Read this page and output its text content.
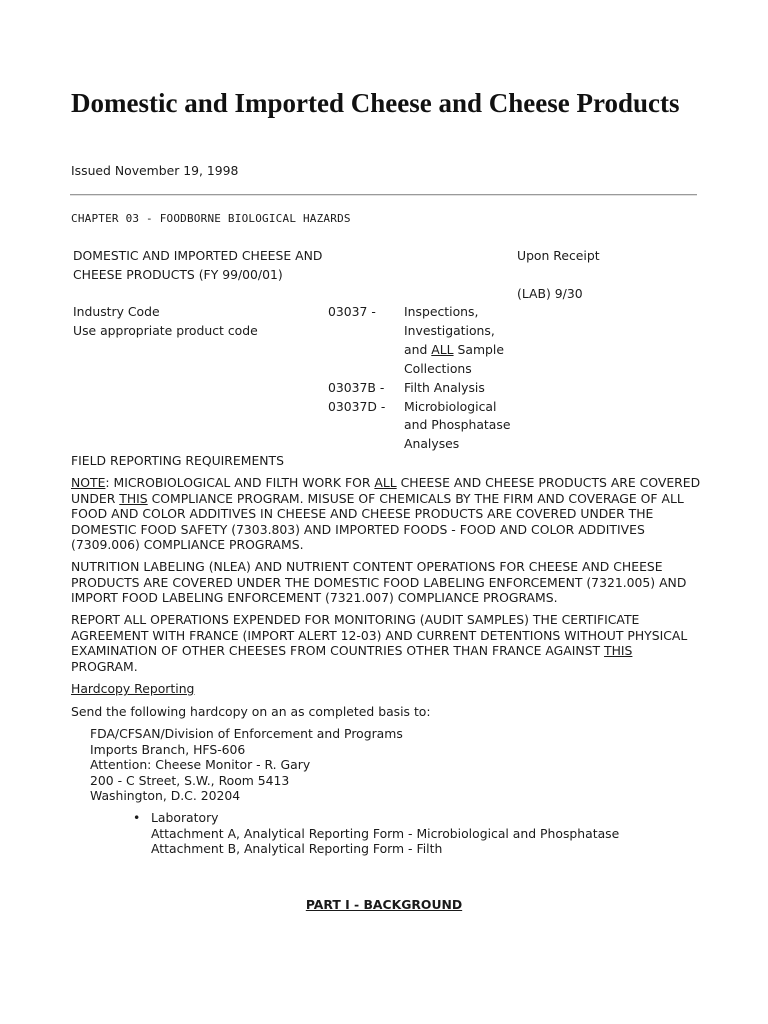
Domestic and Imported Cheese and Cheese Products
Issued November 19, 1998
CHAPTER 03 - FOODBORNE BIOLOGICAL HAZARDS
DOMESTIC AND IMPORTED CHEESE AND
CHEESE PRODUCTS (FY 99/00/01)
Upon Receipt
(LAB) 9/30
Industry Code
Use appropriate product code
03037 - Inspections,
Investigations,
and ALL Sample
Collections
03037B - Filth Analysis
03037D - Microbiological
and Phosphatase
Analyses
FIELD REPORTING REQUIREMENTS
NOTE: MICROBIOLOGICAL AND FILTH WORK FOR ALL CHEESE AND CHEESE PRODUCTS ARE COVERED UNDER THIS COMPLIANCE PROGRAM. MISUSE OF CHEMICALS BY THE FIRM AND COVERAGE OF ALL FOOD AND COLOR ADDITIVES IN CHEESE AND CHEESE PRODUCTS ARE COVERED UNDER THE DOMESTIC FOOD SAFETY (7303.803) AND IMPORTED FOODS - FOOD AND COLOR ADDITIVES (7309.006) COMPLIANCE PROGRAMS.
NUTRITION LABELING (NLEA) AND NUTRIENT CONTENT OPERATIONS FOR CHEESE AND CHEESE PRODUCTS ARE COVERED UNDER THE DOMESTIC FOOD LABELING ENFORCEMENT (7321.005) AND IMPORT FOOD LABELING ENFORCEMENT (7321.007) COMPLIANCE PROGRAMS.
REPORT ALL OPERATIONS EXPENDED FOR MONITORING (AUDIT SAMPLES) THE CERTIFICATE AGREEMENT WITH FRANCE (IMPORT ALERT 12-03) AND CURRENT DETENTIONS WITHOUT PHYSICAL EXAMINATION OF OTHER CHEESES FROM COUNTRIES OTHER THAN FRANCE AGAINST THIS PROGRAM.
Hardcopy Reporting
Send the following hardcopy on an as completed basis to:
FDA/CFSAN/Division of Enforcement and Programs
Imports Branch, HFS-606
Attention: Cheese Monitor - R. Gary
200 - C Street, S.W., Room 5413
Washington, D.C. 20204
• Laboratory
Attachment A, Analytical Reporting Form - Microbiological and Phosphatase
Attachment B, Analytical Reporting Form - Filth
PART I - BACKGROUND
